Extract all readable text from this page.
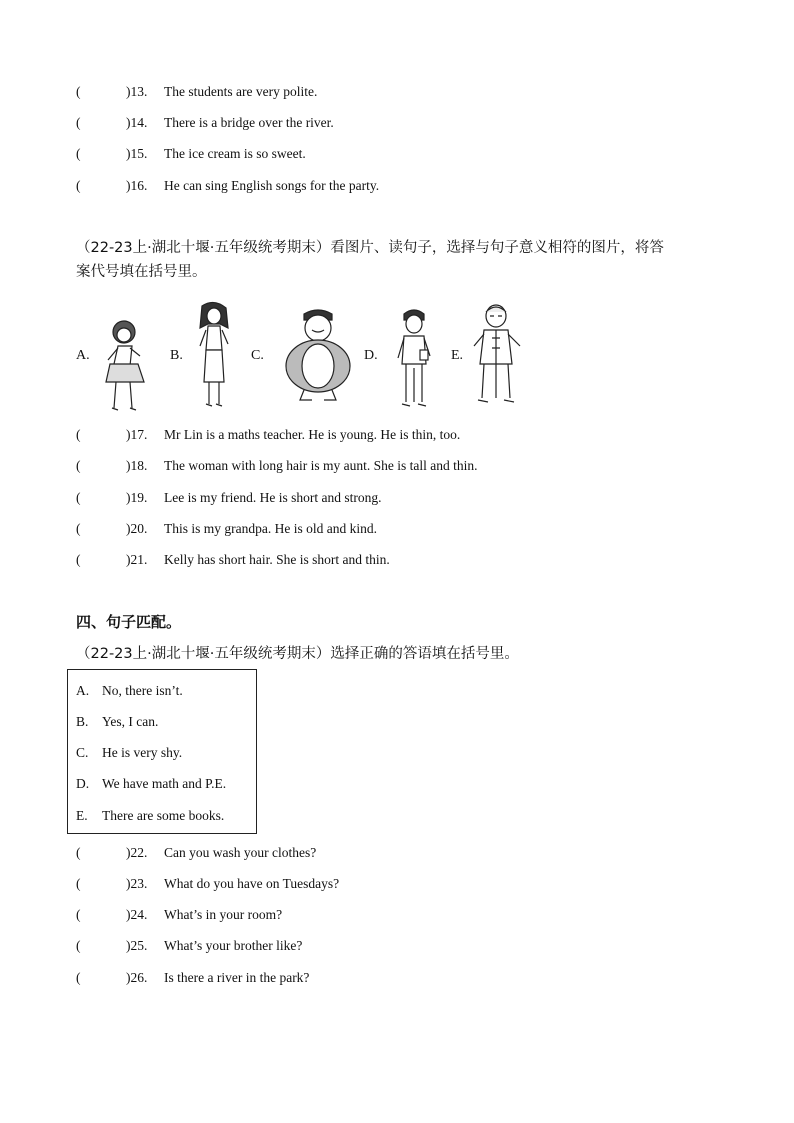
(	)13. The students are very polite.
(	)14. There is a bridge over the river.
(	)15. The ice cream is so sweet.
(	)16. He can sing English songs for the party.
（22-23上·湖北十堰·五年级统考期末）看图片、读句子，选择与句子意义相符的图片，将答
案代号填在括号里。
A.	B.	C.	D.	E.
(	)17. Mr Lin is a maths teacher. He is young. He is thin, too.
(	)18. The woman with long hair is my aunt. She is tall and thin.
(	)19. Lee is my friend. He is short and strong.
(	)20. This is my grandpa. He is old and kind.
(	)21. Kelly has short hair. She is short and thin.
四、句子匹配。
（22-23上·湖北十堰·五年级统考期末）选择正确的答语填在括号里。
A. No, there isn’t.
B. Yes, I can.
C. He is very shy.
D. We have math and P.E.
E. There are some books.
(	)22. Can you wash your clothes?
(	)23. What do you have on Tuesdays?
(	)24. What’s in your room?
(	)25. What’s your brother like?
(	)26. Is there a river in the park?
